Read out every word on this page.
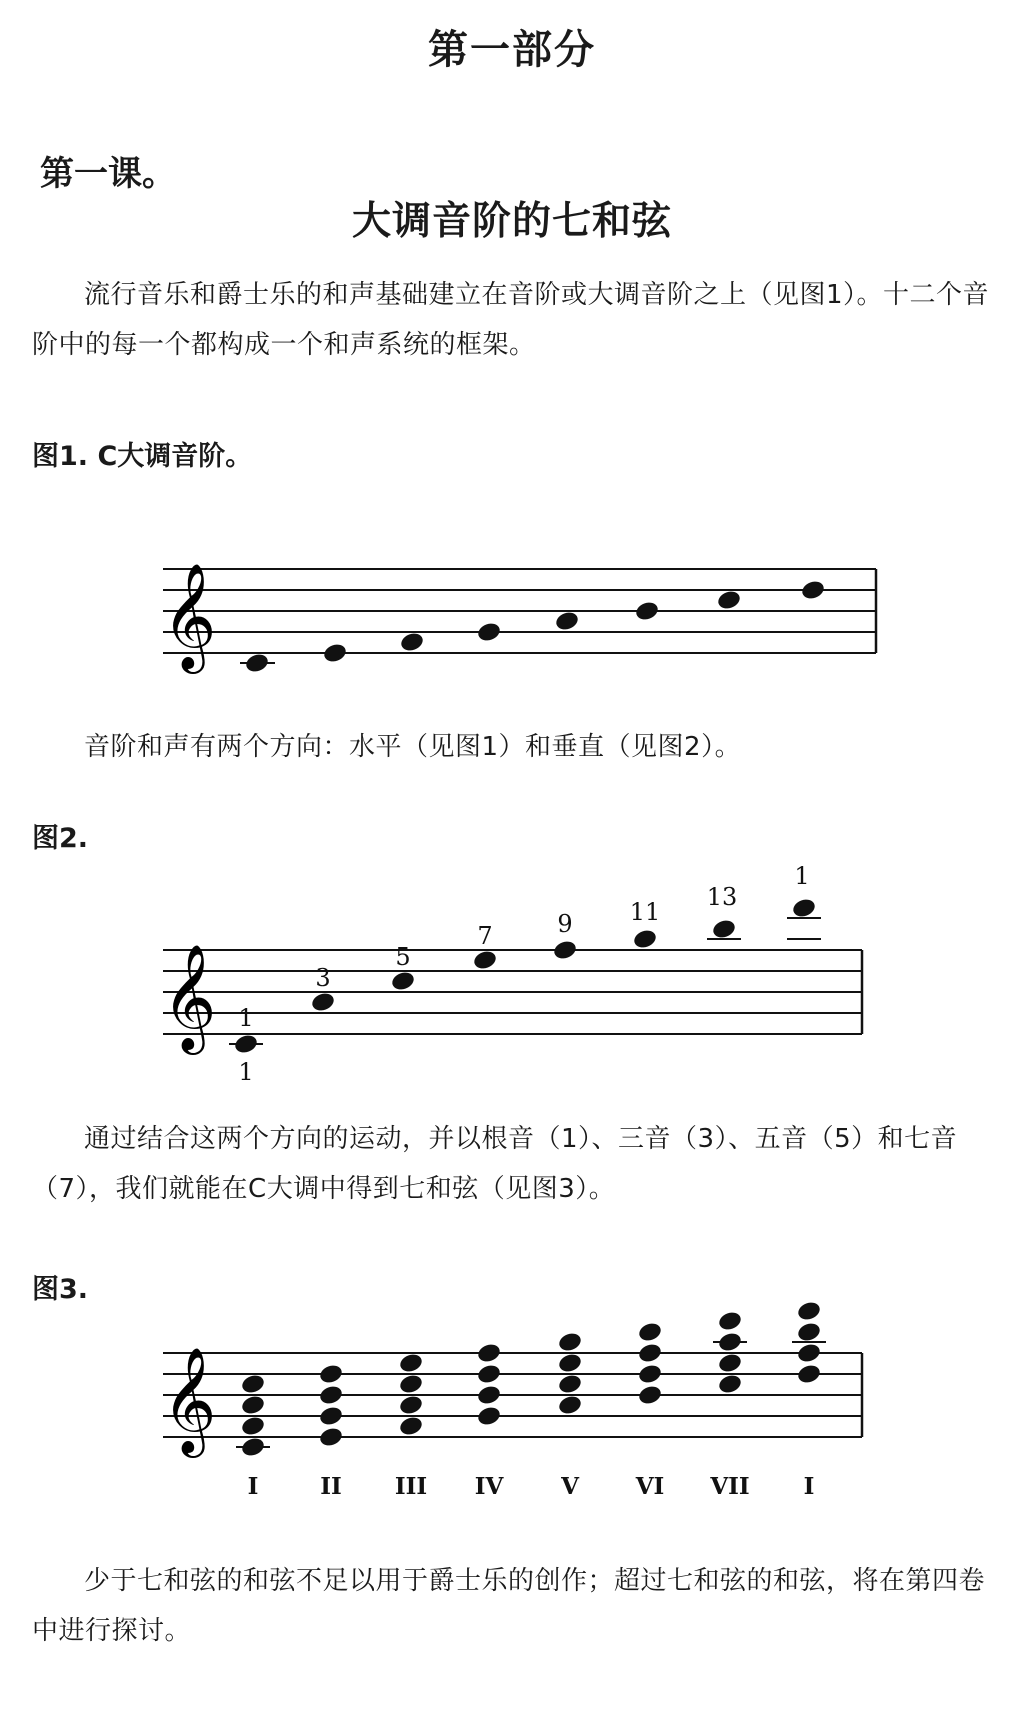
第一部分
第一课。
大调音阶的七和弦
流行音乐和爵士乐的和声基础建立在音阶或大调音阶之上（见图1）。十二个音阶中的每一个都构成一个和声系统的框架。
图1. C大调音阶。
𝄞
音阶和声有两个方向：水平（见图1）和垂直（见图2）。
图2.
𝄞 1
1
3
5
7	9 11
13
1
通过结合这两个方向的运动，并以根音（1）、三音（3）、五音（5）和七音（7），我们就能在C大调中得到七和弦（见图3）。
图3.
𝄞
I	II III IV	V VI VII I
少于七和弦的和弦不足以用于爵士乐的创作；超过七和弦的和弦，将在第四卷中进行探讨。
